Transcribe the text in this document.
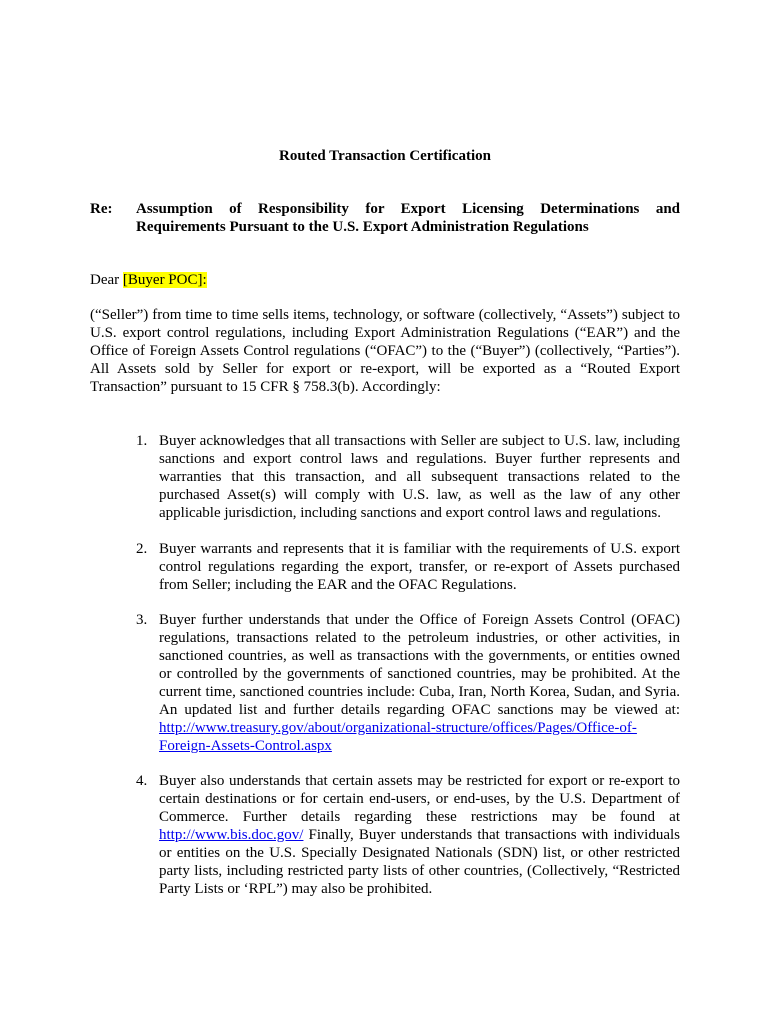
Routed Transaction Certification
Re: Assumption of Responsibility for Export Licensing Determinations and Requirements Pursuant to the U.S. Export Administration Regulations
Dear [Buyer POC]:

(“Seller”) from time to time sells items, technology, or software (collectively, “Assets”) subject to U.S. export control regulations, including Export Administration Regulations (“EAR”) and the Office of Foreign Assets Control regulations (“OFAC”) to the (“Buyer”) (collectively, “Parties”). All Assets sold by Seller for export or re-export, will be exported as a “Routed Export Transaction” pursuant to 15 CFR § 758.3(b). Accordingly:

1. Buyer acknowledges that all transactions with Seller are subject to U.S. law, including sanctions and export control laws and regulations. Buyer further represents and warranties that this transaction, and all subsequent transactions related to the purchased Asset(s) will comply with U.S. law, as well as the law of any other applicable jurisdiction, including sanctions and export control laws and regulations.
2. Buyer warrants and represents that it is familiar with the requirements of U.S. export control regulations regarding the export, transfer, or re-export of Assets purchased from Seller; including the EAR and the OFAC Regulations.
3. Buyer further understands that under the Office of Foreign Assets Control (OFAC) regulations, transactions related to the petroleum industries, or other activities, in sanctioned countries, as well as transactions with the governments, or entities owned or controlled by the governments of sanctioned countries, may be prohibited. At the current time, sanctioned countries include: Cuba, Iran, North Korea, Sudan, and Syria. An updated list and further details regarding OFAC sanctions may be viewed at: http://www.treasury.gov/about/organizational-structure/offices/Pages/Office-of-Foreign-Assets-Control.aspx
4. Buyer also understands that certain assets may be restricted for export or re-export to certain destinations or for certain end-users, or end-uses, by the U.S. Department of Commerce. Further details regarding these restrictions may be found at http://www.bis.doc.gov/ Finally, Buyer understands that transactions with individuals or entities on the U.S. Specially Designated Nationals (SDN) list, or other restricted party lists, including restricted party lists of other countries, (Collectively, “Restricted Party Lists or ‘RPL”) may also be prohibited.
